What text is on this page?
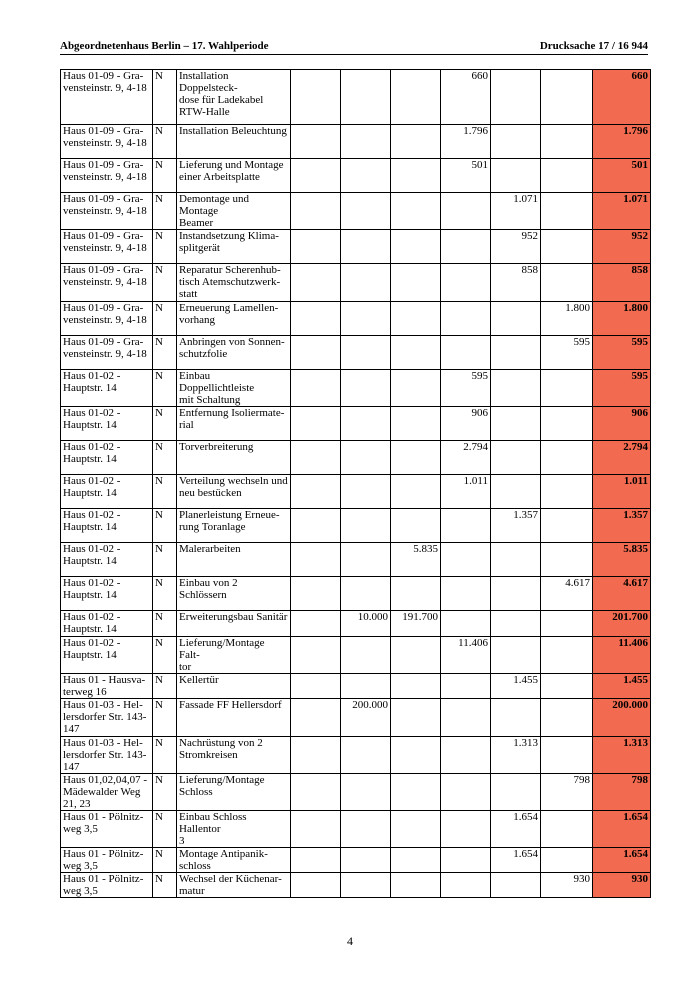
Abgeordnetenhaus Berlin – 17. Wahlperiode	Drucksache 17 / 16 944
Haus 01-09 - Gra-
vensteinstr. 9, 4-18	N	Installation Doppelsteck-
dose für Ladekabel
RTW-Halle				660			660
Haus 01-09 - Gra-
vensteinstr. 9, 4-18	N	Installation Beleuchtung				1.796			1.796
Haus 01-09 - Gra-
vensteinstr. 9, 4-18	N	Lieferung und Montage
einer Arbeitsplatte				501			501
Haus 01-09 - Gra-
vensteinstr. 9, 4-18	N	Demontage und Montage
Beamer					1.071		1.071
Haus 01-09 - Gra-
vensteinstr. 9, 4-18	N	Instandsetzung Klima-
splitgerät					952		952
Haus 01-09 - Gra-
vensteinstr. 9, 4-18	N	Reparatur Scherenhub-
tisch Atemschutzwerk-
statt					858		858
Haus 01-09 - Gra-
vensteinstr. 9, 4-18	N	Erneuerung Lamellen-
vorhang						1.800	1.800
Haus 01-09 - Gra-
vensteinstr. 9, 4-18	N	Anbringen von Sonnen-
schutzfolie						595	595
Haus 01-02 -
Hauptstr. 14	N	Einbau Doppellichtleiste
mit Schaltung				595			595
Haus 01-02 -
Hauptstr. 14	N	Entfernung Isoliermate-
rial				906			906
Haus 01-02 -
Hauptstr. 14	N	Torverbreiterung				2.794			2.794
Haus 01-02 -
Hauptstr. 14	N	Verteilung wechseln und
neu bestücken				1.011			1.011
Haus 01-02 -
Hauptstr. 14	N	Planerleistung Erneue-
rung Toranlage					1.357		1.357
Haus 01-02 -
Hauptstr. 14	N	Malerarbeiten			5.835				5.835
Haus 01-02 -
Hauptstr. 14	N	Einbau von 2 Schlössern						4.617	4.617
Haus 01-02 -
Hauptstr. 14	N	Erweiterungsbau Sanitär		10.000	191.700				201.700
Haus 01-02 -
Hauptstr. 14	N	Lieferung/Montage Falt-
tor				11.406			11.406
Haus 01 - Hausva-
terweg 16	N	Kellertür					1.455		1.455
Haus 01-03 - Hel-
lersdorfer Str. 143-
147	N	Fassade FF Hellersdorf		200.000					200.000
Haus 01-03 - Hel-
lersdorfer Str. 143-
147	N	Nachrüstung von 2
Stromkreisen					1.313		1.313
Haus 01,02,04,07 -
Mädewalder Weg
21, 23	N	Lieferung/Montage
Schloss						798	798
Haus 01 - Pölnitz-
weg 3,5	N	Einbau Schloss Hallentor
3					1.654		1.654
Haus 01 - Pölnitz-
weg 3,5	N	Montage Antipanik-
schloss					1.654		1.654
Haus 01 - Pölnitz-
weg 3,5	N	Wechsel der Küchenar-
matur						930	930
4
